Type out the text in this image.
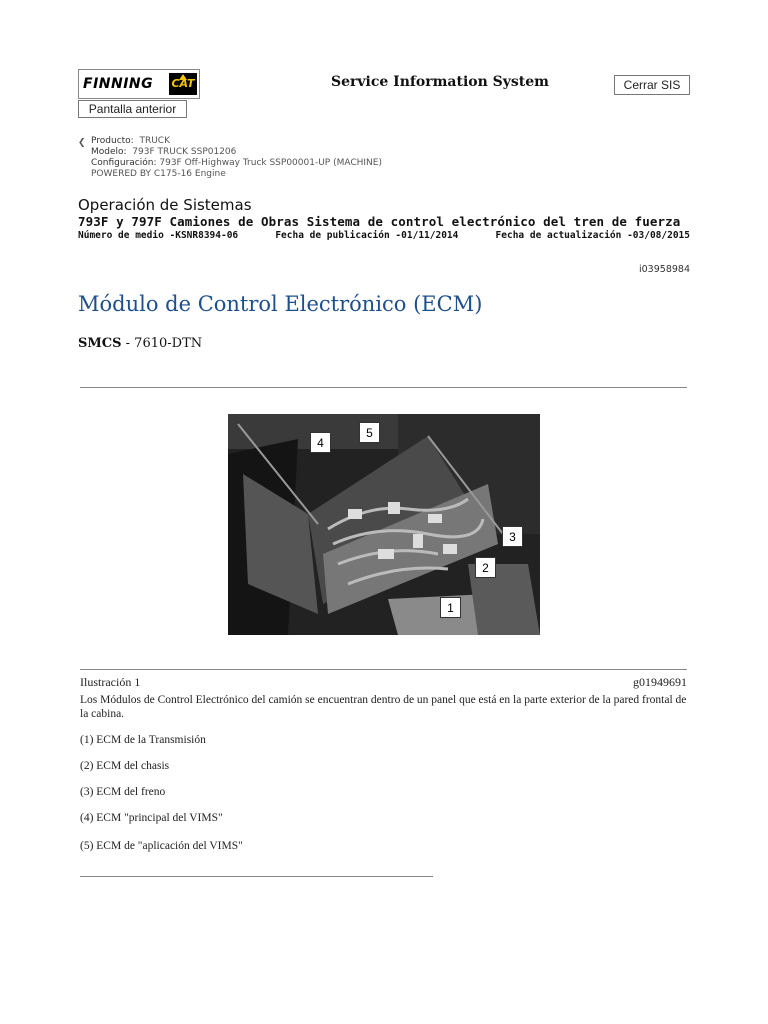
FINNING CAT
Pantalla anterior
Service Information System	Cerrar SIS
❮ Producto: TRUCK
Modelo: 793F TRUCK SSP01206
Configuración: 793F Off-Highway Truck SSP00001-UP (MACHINE)
POWERED BY C175-16 Engine
Operación de Sistemas
793F y 797F Camiones de Obras Sistema de control electrónico del tren de fuerza
Número de medio -KSNR8394-06	Fecha de publicación -01/11/2014	Fecha de actualización -03/08/2015
i03958984
Módulo de Control Electrónico (ECM)
SMCS - 7610-DTN
1
2
3
4
5
Ilustración 1	g01949691
Los Módulos de Control Electrónico del camión se encuentran dentro de un panel que está en la parte exterior de la pared frontal de la cabina.
(1) ECM de la Transmisión
(2) ECM del chasis
(3) ECM del freno
(4) ECM "principal del VIMS"
(5) ECM de "aplicación del VIMS"
